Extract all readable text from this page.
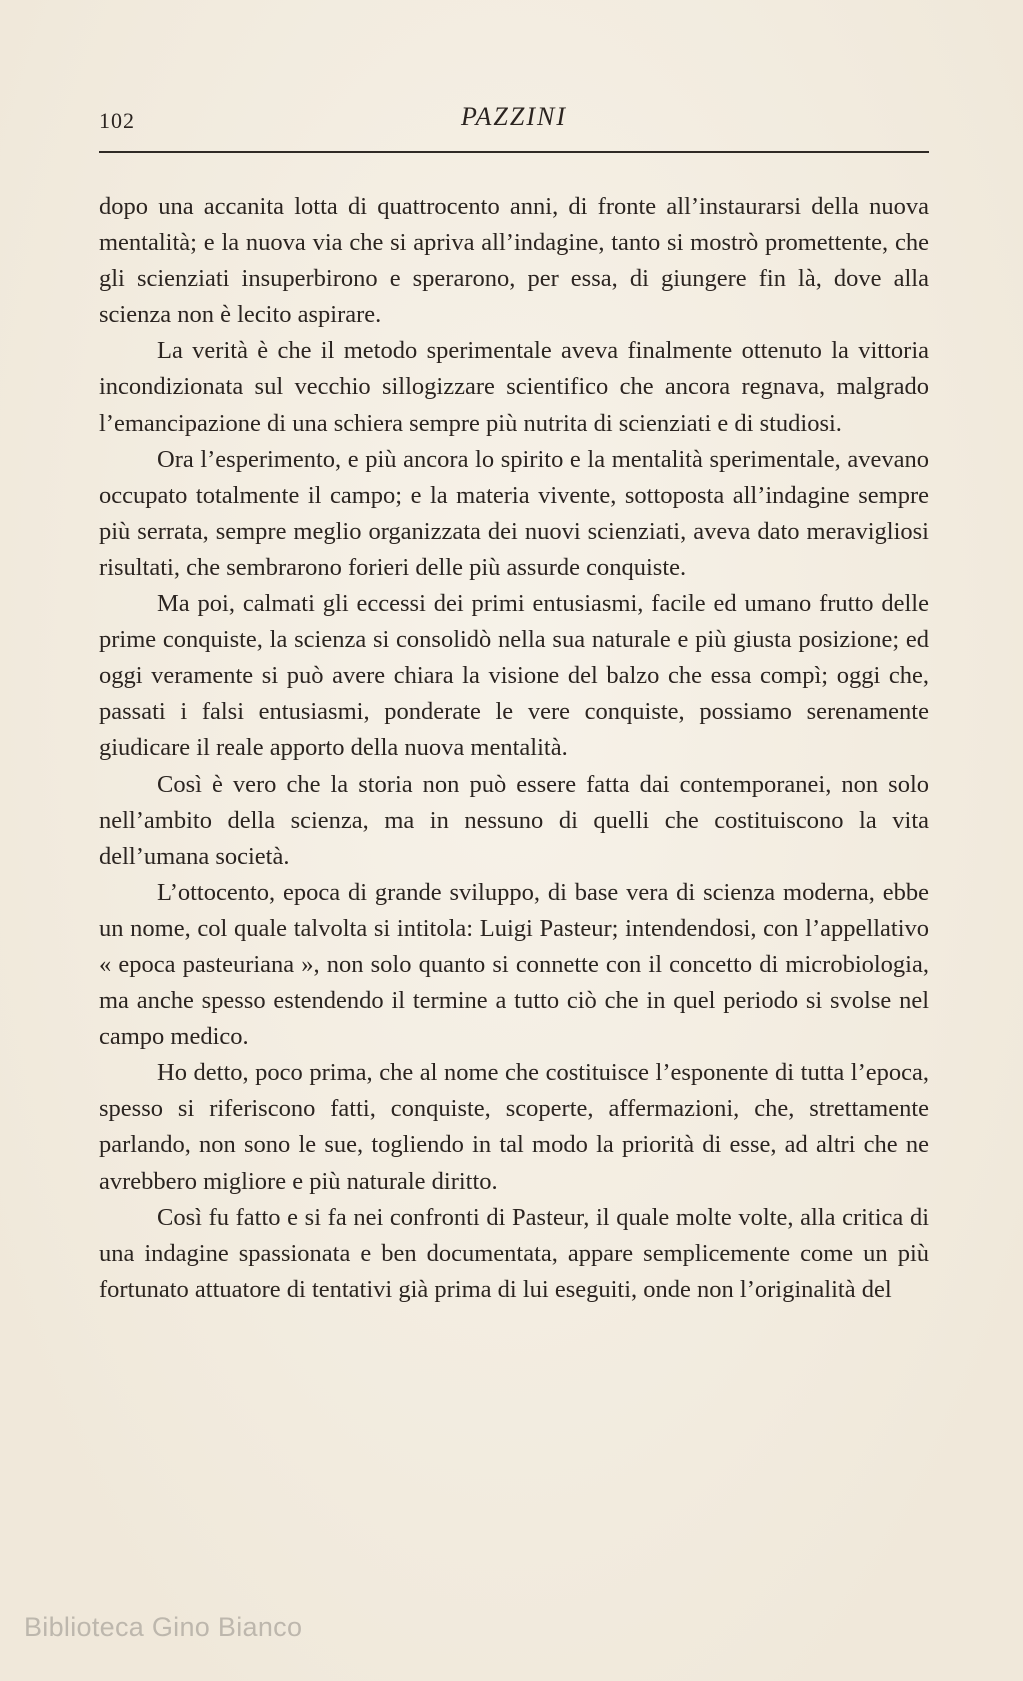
102	PAZZINI

dopo una accanita lotta di quattrocento anni, di fronte all’instaurarsi della nuova mentalità; e la nuova via che si apriva all’indagine, tanto si mostrò promettente, che gli scienziati insuperbirono e sperarono, per essa, di giungere fin là, dove alla scienza non è lecito aspirare.

La verità è che il metodo sperimentale aveva finalmente ottenuto la vittoria incondizionata sul vecchio sillogizzare scientifico che ancora regnava, malgrado l’emancipazione di una schiera sempre più nutrita di scienziati e di studiosi.

Ora l’esperimento, e più ancora lo spirito e la mentalità sperimentale, avevano occupato totalmente il campo; e la materia vivente, sottoposta all’indagine sempre più serrata, sempre meglio organizzata dei nuovi scienziati, aveva dato meravigliosi risultati, che sembrarono forieri delle più assurde conquiste.

Ma poi, calmati gli eccessi dei primi entusiasmi, facile ed umano frutto delle prime conquiste, la scienza si consolidò nella sua naturale e più giusta posizione; ed oggi veramente si può avere chiara la visione del balzo che essa compì; oggi che, passati i falsi entusiasmi, ponderate le vere conquiste, possiamo serenamente giudicare il reale apporto della nuova mentalità.

Così è vero che la storia non può essere fatta dai contemporanei, non solo nell’ambito della scienza, ma in nessuno di quelli che costituiscono la vita dell’umana società.

L’ottocento, epoca di grande sviluppo, di base vera di scienza moderna, ebbe un nome, col quale talvolta si intitola: Luigi Pasteur; intendendosi, con l’appellativo « epoca pasteuriana », non solo quanto si connette con il concetto di microbiologia, ma anche spesso estendendo il termine a tutto ciò che in quel periodo si svolse nel campo medico.

Ho detto, poco prima, che al nome che costituisce l’esponente di tutta l’epoca, spesso si riferiscono fatti, conquiste, scoperte, affermazioni, che, strettamente parlando, non sono le sue, togliendo in tal modo la priorità di esse, ad altri che ne avrebbero migliore e più naturale diritto.

Così fu fatto e si fa nei confronti di Pasteur, il quale molte volte, alla critica di una indagine spassionata e ben documentata, appare semplicemente come un più fortunato attuatore di tentativi già prima di lui eseguiti, onde non l’originalità del

Biblioteca Gino Bianco
